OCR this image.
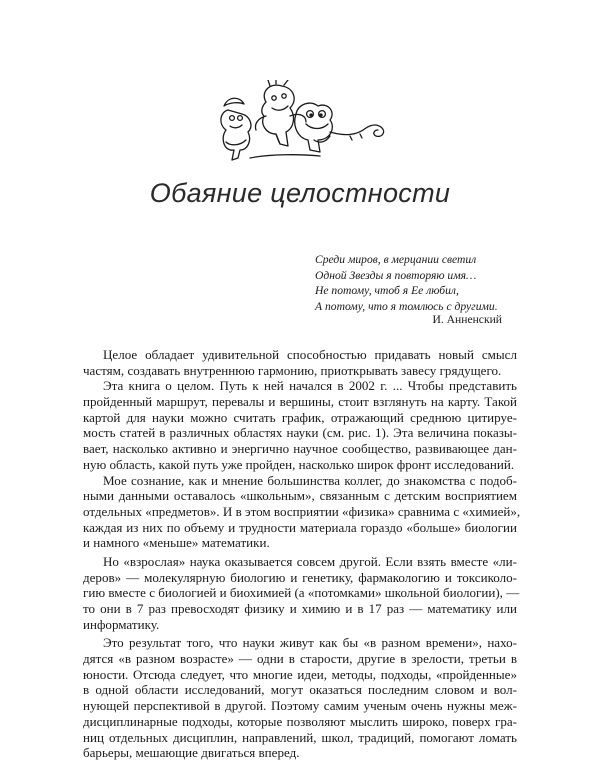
Обаяние целостности
Среди миров, в мерцании светил
Одной Звезды я повторяю имя…
Не потому, чтоб я Ее любил,
А потому, что я томлюсь с другими.
И. Анненский
Целое обладает удивительной способностью придавать новый смысл
частям, создавать внутреннюю гармонию, приоткрывать завесу грядущего.
Эта книга о целом. Путь к ней начался в 2002 г. ... Чтобы представить
пройденный маршрут, перевалы и вершины, стоит взглянуть на карту. Такой
картой для науки можно считать график, отражающий среднюю цитируе-
мость статей в различных областях науки (см. рис. 1). Эта величина показы-
вает, насколько активно и энергично научное сообщество, развивающее дан-
ную область, какой путь уже пройден, насколько широк фронт исследований.
Мое сознание, как и мнение большинства коллег, до знакомства с подоб-
ными данными оставалось «школьным», связанным с детским восприятием
отдельных «предметов». И в этом восприятии «физика» сравнима с «химией»,
каждая из них по объему и трудности материала гораздо «больше» биологии
и намного «меньше» математики.
Но «взрослая» наука оказывается совсем другой. Если взять вместе «ли-
деров» — молекулярную биологию и генетику, фармакологию и токсиколо-
гию вместе с биологией и биохимией (а «потомками» школьной биологии), —
то они в 7 раз превосходят физику и химию и в 17 раз — математику или
информатику.
Это результат того, что науки живут как бы «в разном времени», нахо-
дятся «в разном возрасте» — одни в старости, другие в зрелости, третьи в
юности. Отсюда следует, что многие идеи, методы, подходы, «пройденные»
в одной области исследований, могут оказаться последним словом и вол-
нующей перспективой в другой. Поэтому самим ученым очень нужны меж-
дисциплинарные подходы, которые позволяют мыслить широко, поверх гра-
ниц отдельных дисциплин, направлений, школ, традиций, помогают ломать
барьеры, мешающие двигаться вперед.
